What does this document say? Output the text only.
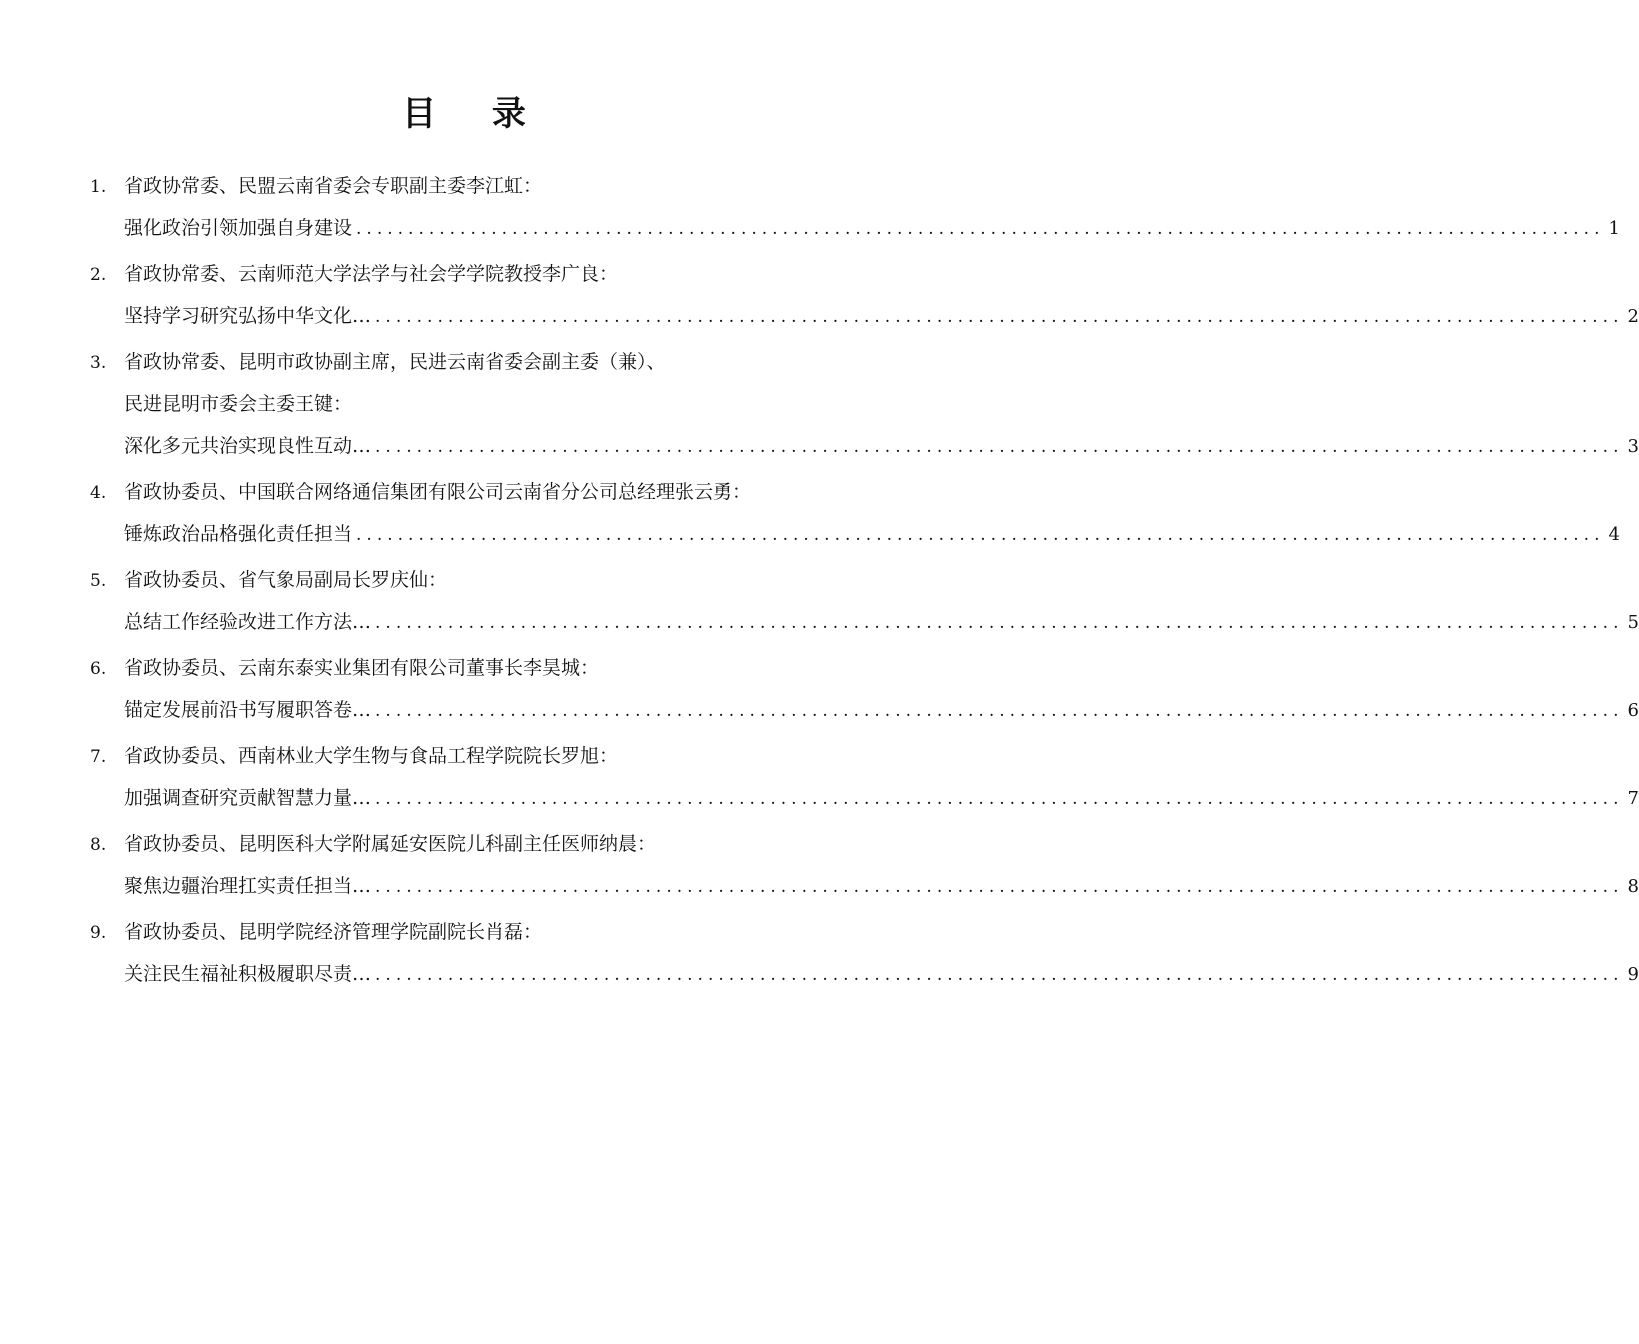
目 录
1. 省政协常委、民盟云南省委会专职副主委李江虹：
强化政治引领加强自身建设 ........................................................................................................................ 1
2. 省政协常委、云南师范大学法学与社会学学院教授李广良：
坚持学习研究弘扬中华文化… ........................................................................................................................ 2
3. 省政协常委、昆明市政协副主席，民进云南省委会副主委（兼）、
民进昆明市委会主委王键：
深化多元共治实现良性互动… ........................................................................................................................ 3
4. 省政协委员、中国联合网络通信集团有限公司云南省分公司总经理张云勇：
锤炼政治品格强化责任担当 ........................................................................................................................ 4
5. 省政协委员、省气象局副局长罗庆仙：
总结工作经验改进工作方法… ........................................................................................................................ 5
6. 省政协委员、云南东泰实业集团有限公司董事长李昊城：
锚定发展前沿书写履职答卷… ........................................................................................................................ 6
7. 省政协委员、西南林业大学生物与食品工程学院院长罗旭：
加强调查研究贡献智慧力量… ........................................................................................................................ 7
8. 省政协委员、昆明医科大学附属延安医院儿科副主任医师纳晨：
聚焦边疆治理扛实责任担当… ........................................................................................................................ 8
9. 省政协委员、昆明学院经济管理学院副院长肖磊：
关注民生福祉积极履职尽责… ........................................................................................................................ 9
